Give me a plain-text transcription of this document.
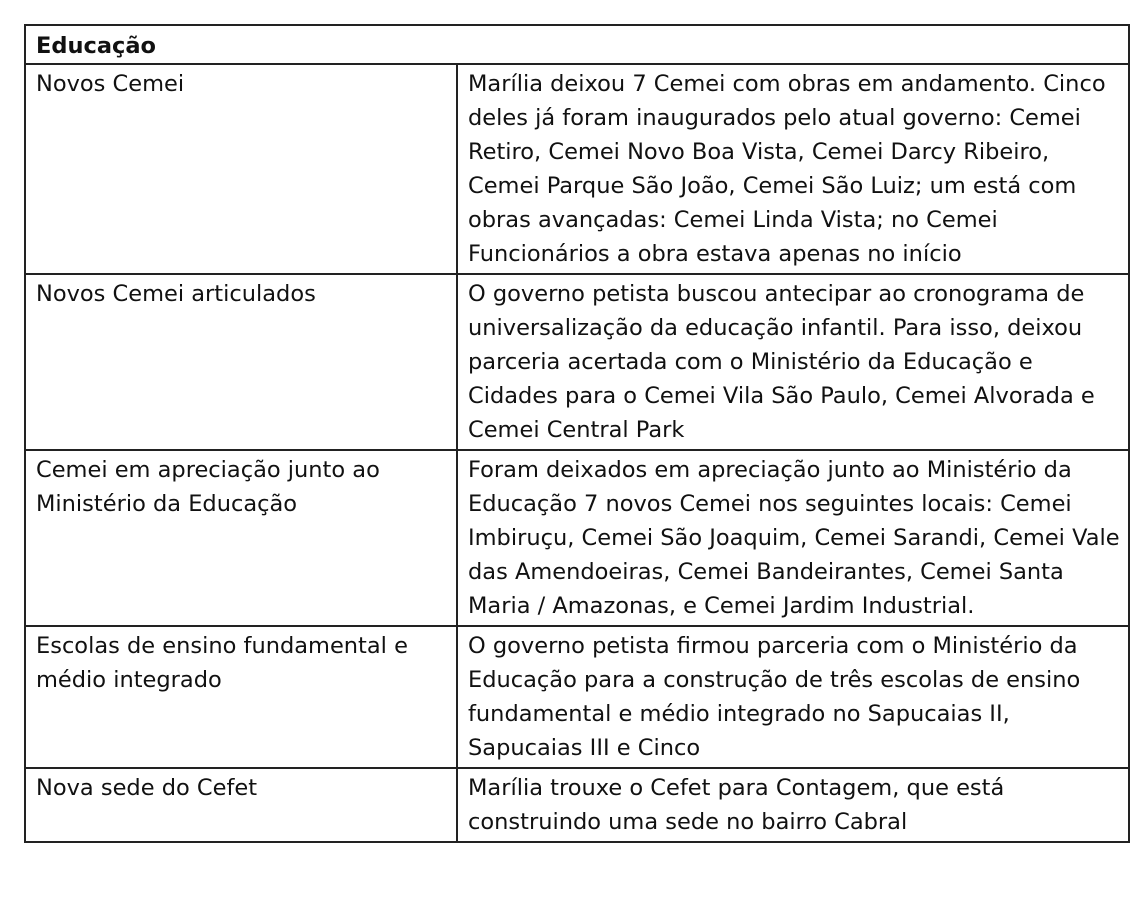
Educação	
Novos Cemei	Marília deixou 7 Cemei com obras em andamento. Cinco deles já foram inaugurados pelo atual governo: Cemei Retiro, Cemei Novo Boa Vista, Cemei Darcy Ribeiro, Cemei Parque São João, Cemei São Luiz; um está com obras avançadas: Cemei Linda Vista; no Cemei Funcionários a obra estava apenas no início
Novos Cemei articulados	O governo petista buscou antecipar ao cronograma de universalização da educação infantil. Para isso, deixou parceria acertada com o Ministério da Educação e Cidades para o Cemei Vila São Paulo, Cemei Alvorada e Cemei Central Park
Cemei em apreciação junto ao Ministério da Educação	Foram deixados em apreciação junto ao Ministério da Educação 7 novos Cemei nos seguintes locais: Cemei Imbiruçu, Cemei São Joaquim, Cemei Sarandi, Cemei Vale das Amendoeiras, Cemei Bandeirantes, Cemei Santa Maria / Amazonas, e Cemei Jardim Industrial.
Escolas de ensino fundamental e médio integrado	O governo petista firmou parceria com o Ministério da Educação para a construção de três escolas de ensino fundamental e médio integrado no Sapucaias II, Sapucaias III e Cinco
Nova sede do Cefet	Marília trouxe o Cefet para Contagem, que está construindo uma sede no bairro Cabral
